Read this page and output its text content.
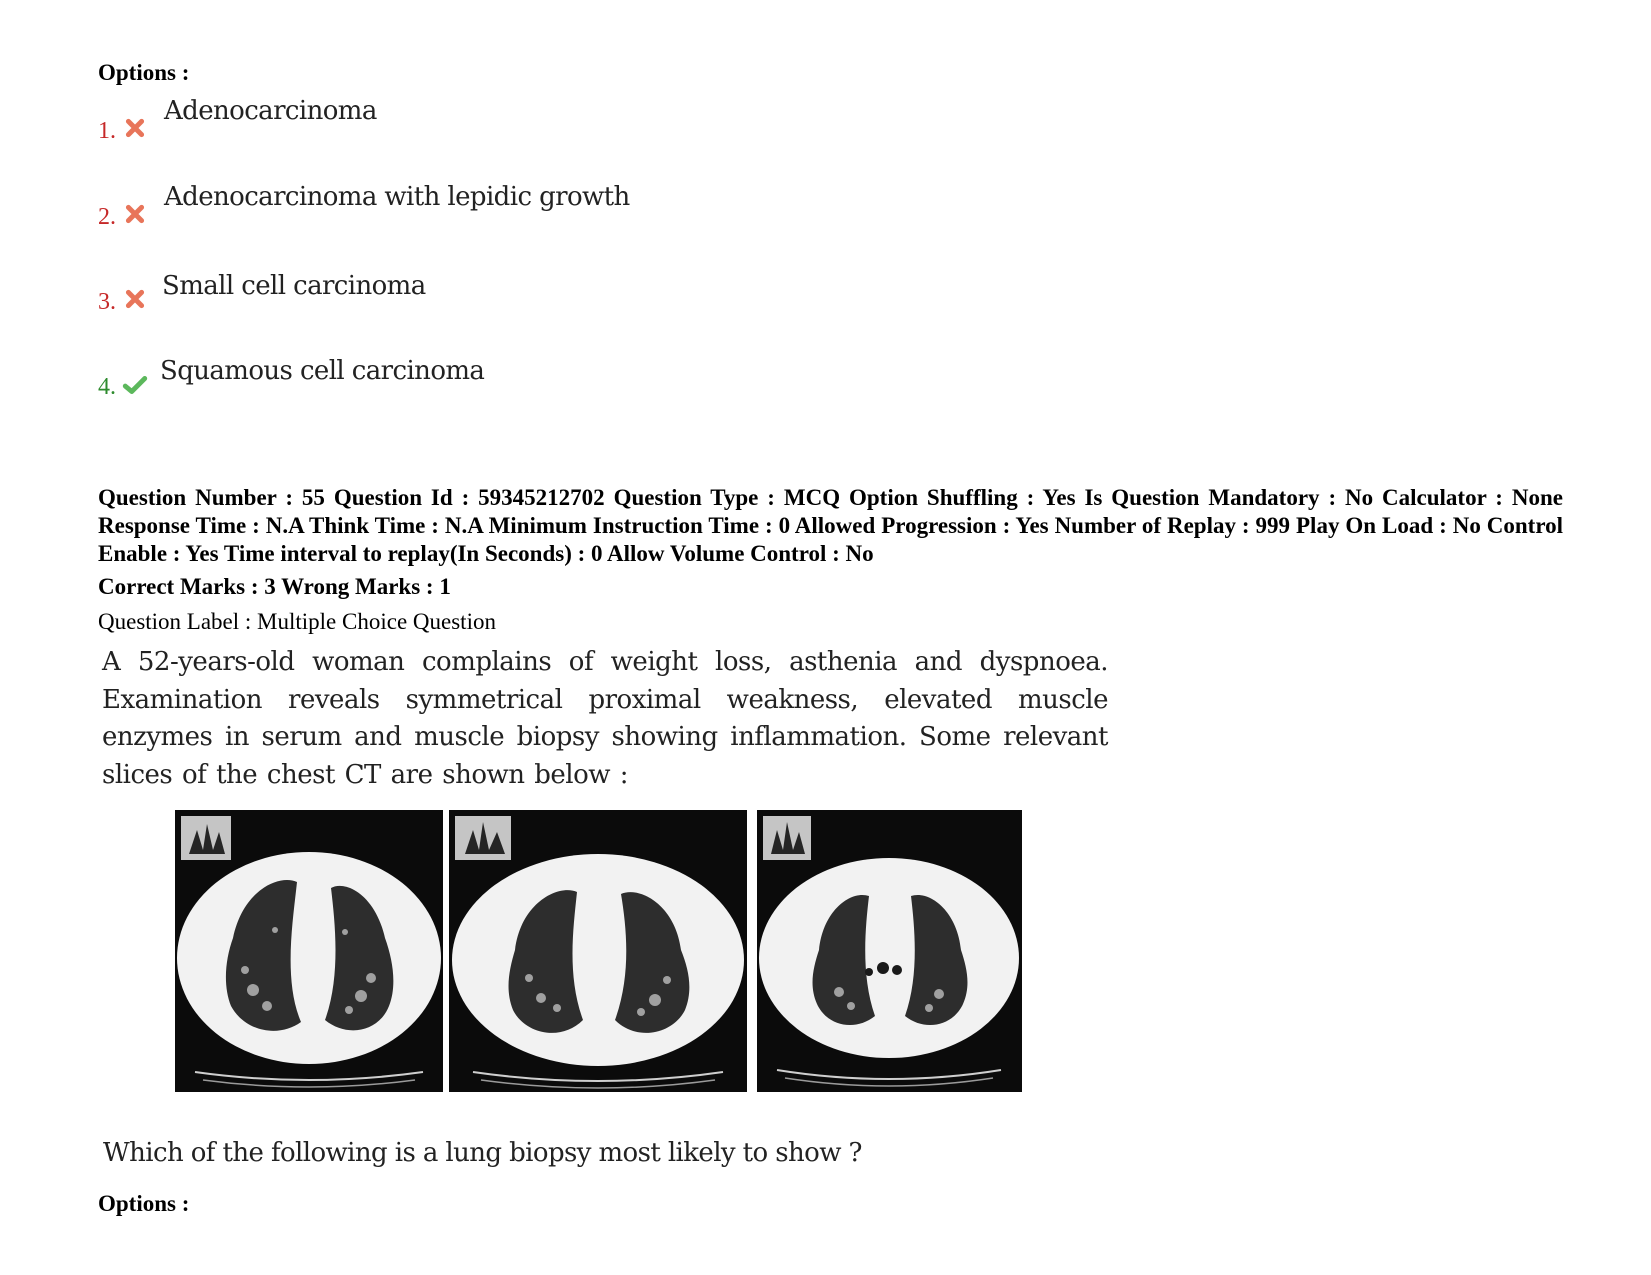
Options :
1.
Adenocarcinoma
2.
Adenocarcinoma with lepidic growth
3.
Small cell carcinoma
4.
Squamous cell carcinoma
Question Number : 55 Question Id : 59345212702 Question Type : MCQ Option Shuffling : Yes Is Question Mandatory : No Calculator : None Response Time : N.A Think Time : N.A Minimum Instruction Time : 0 Allowed Progression : Yes Number of Replay : 999 Play On Load : No Control Enable : Yes Time interval to replay(In Seconds) : 0 Allow Volume Control : No
Correct Marks : 3 Wrong Marks : 1
Question Label : Multiple Choice Question
A 52-years-old woman complains of weight loss, asthenia and dyspnoea. Examination reveals symmetrical proximal weakness, elevated muscle enzymes in serum and muscle biopsy showing inflammation. Some relevant slices of the chest CT are shown below :
Which of the following is a lung biopsy most likely to show ?
Options :
